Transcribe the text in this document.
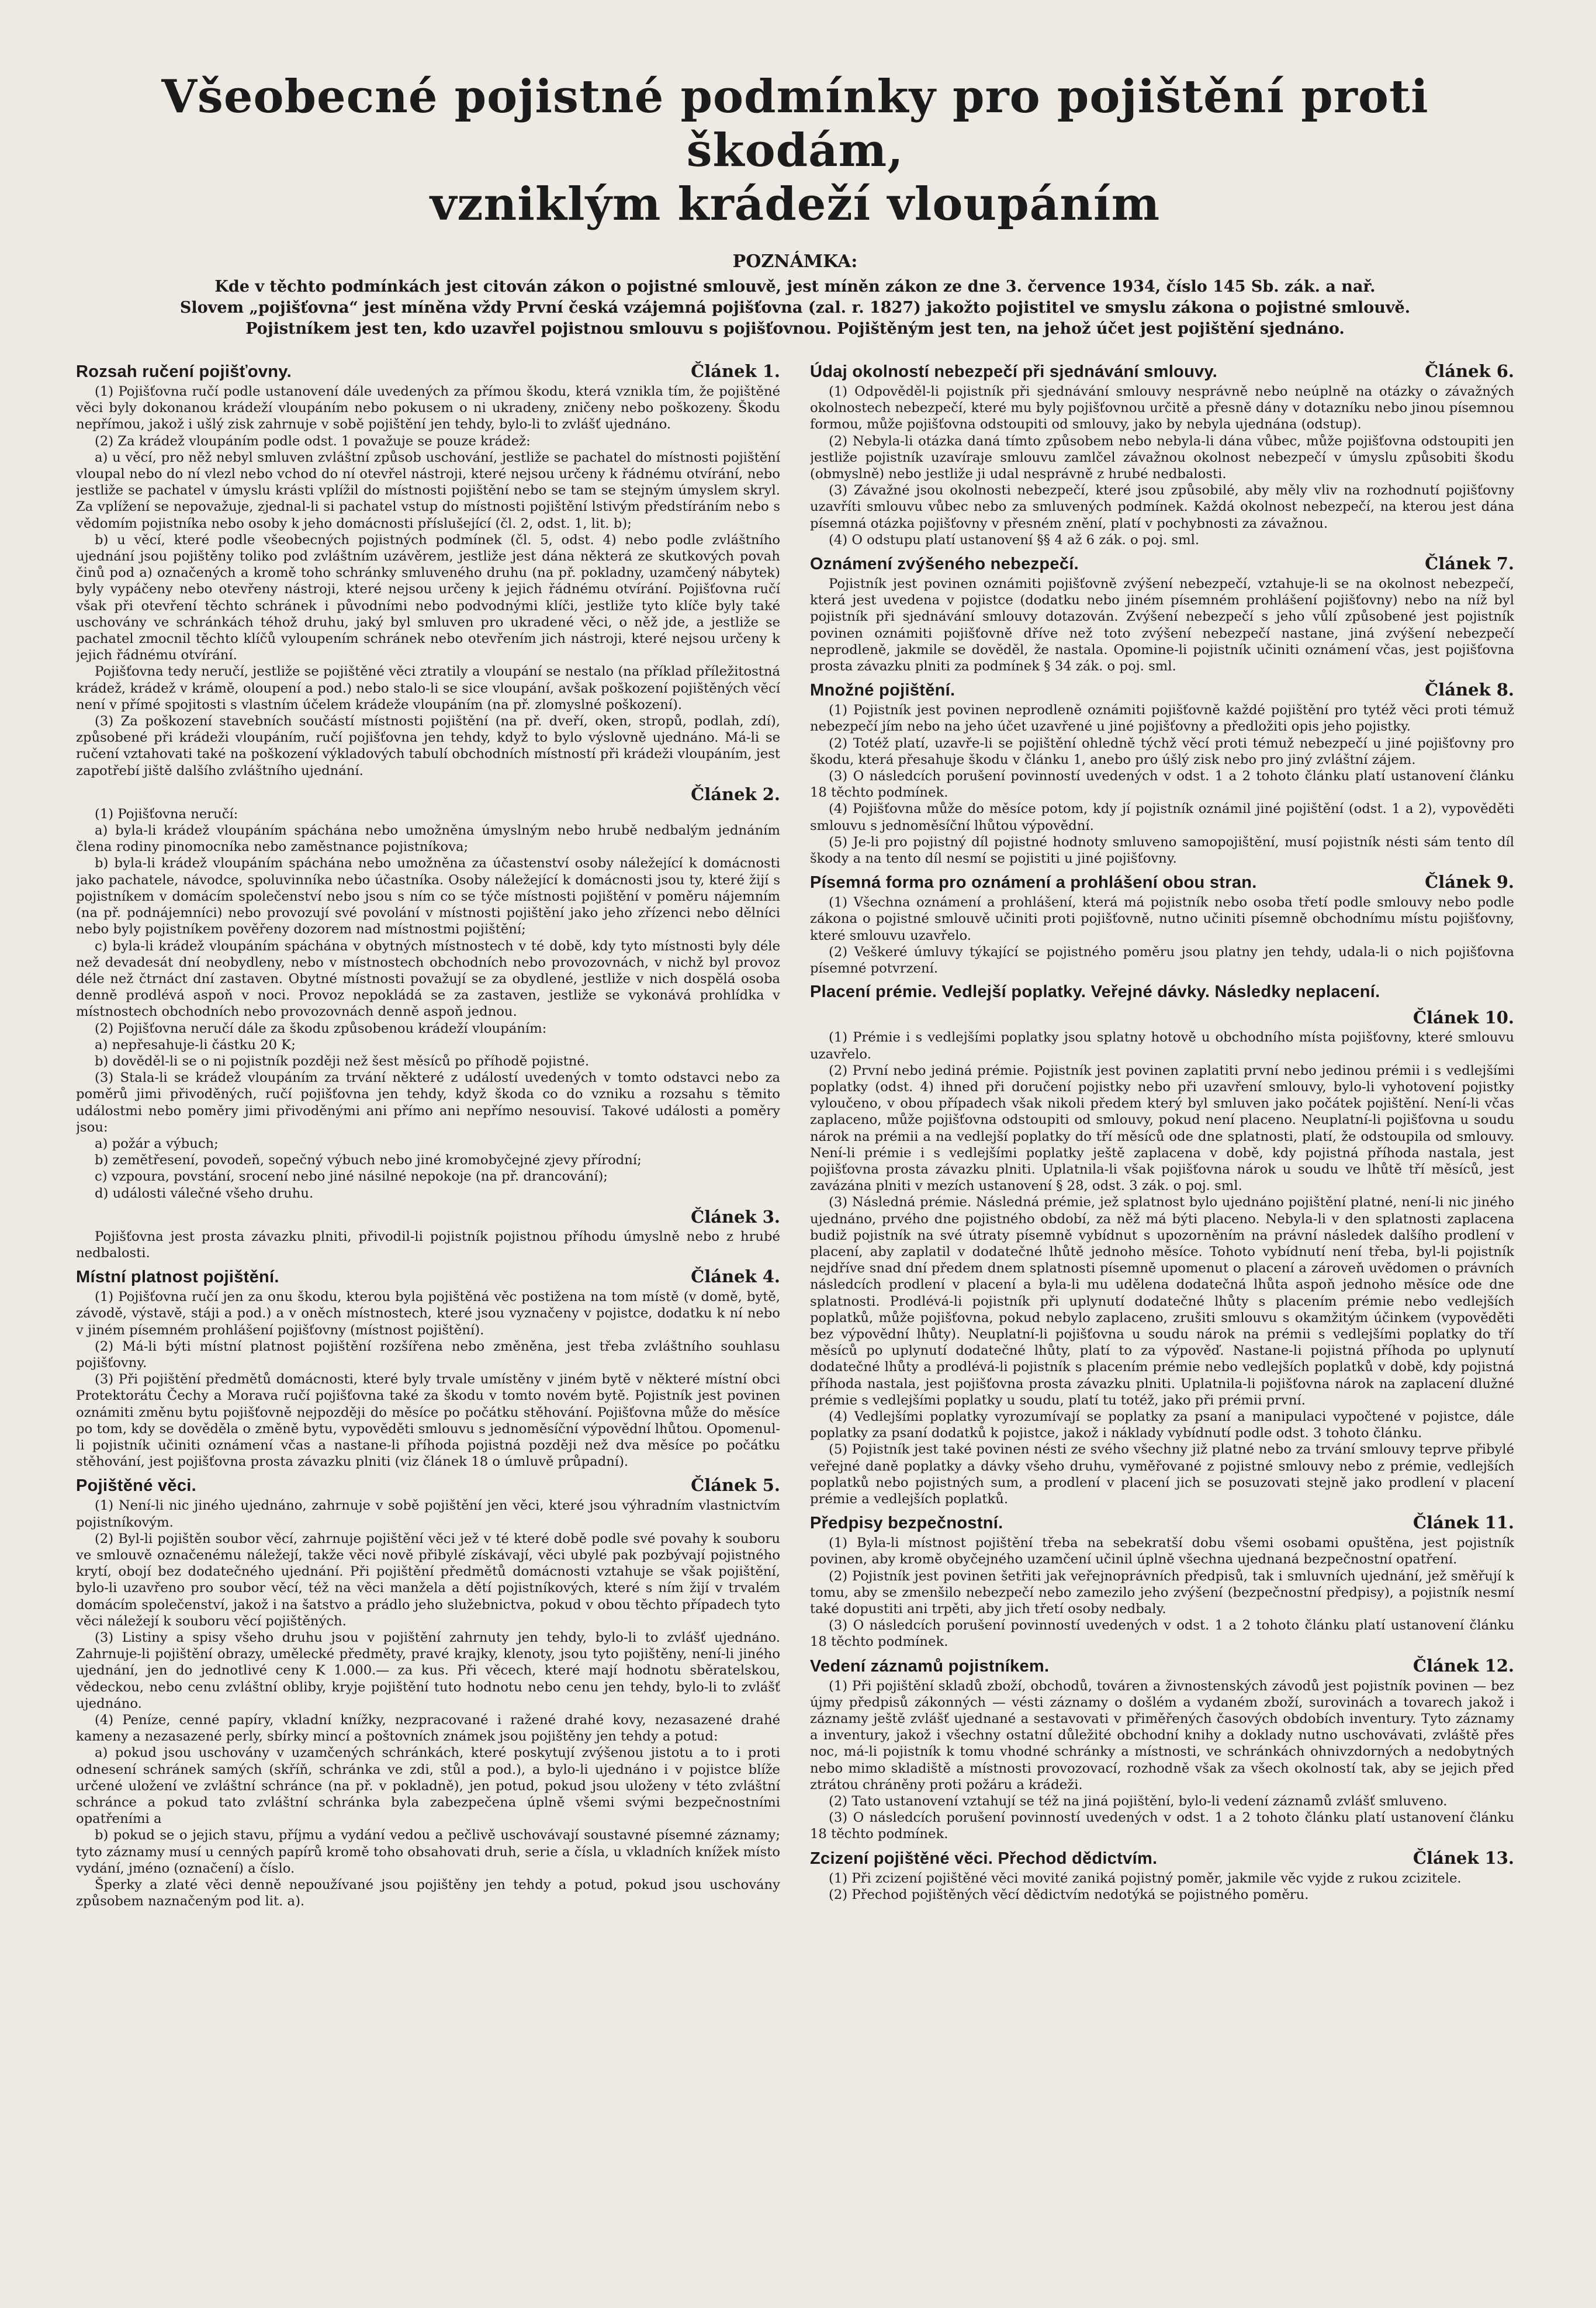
Všeobecné pojistné podmínky pro pojištění proti škodám,
vzniklým krádeží vloupáním
POZNÁMKA:

Kde v těchto podmínkách jest citován zákon o pojistné smlouvě, jest míněn zákon ze dne 3. července 1934, číslo 145 Sb. zák. a nař.

Slovem „pojišťovna“ jest míněna vždy První česká vzájemná pojišťovna (zal. r. 1827) jakožto pojistitel ve smyslu zákona o pojistné smlouvě.

Pojistníkem jest ten, kdo uzavřel pojistnou smlouvu s pojišťovnou. Pojištěným jest ten, na jehož účet jest pojištění sjednáno.

Rozsah ručení pojišťovny.	Článek 1.

(1) Pojišťovna ručí podle ustanovení dále uvedených za přímou škodu, která vznikla tím, že pojištěné věci byly dokonanou krádeží vloupáním nebo pokusem o ni ukradeny, zničeny nebo poškozeny. Škodu nepřímou, jakož i ušlý zisk zahrnuje v sobě pojištění jen tehdy, bylo-li to zvlášť ujednáno.

(2) Za krádež vloupáním podle odst. 1 považuje se pouze krádež:

a) u věcí, pro něž nebyl smluven zvláštní způsob uschování, jestliže se pachatel do místnosti pojištění vloupal nebo do ní vlezl nebo vchod do ní otevřel nástroji, které nejsou určeny k řádnému otvírání, nebo jestliže se pachatel v úmyslu krásti vplížil do místnosti pojištění nebo se tam se stejným úmyslem skryl. Za vplížení se nepovažuje, zjednal-li si pachatel vstup do místnosti pojištění lstivým předstíráním nebo s vědomím pojistníka nebo osoby k jeho domácnosti příslušející (čl. 2, odst. 1, lit. b);

b) u věcí, které podle všeobecných pojistných podmínek (čl. 5, odst. 4) nebo podle zvláštního ujednání jsou pojištěny toliko pod zvláštním uzávěrem, jestliže jest dána některá ze skutkových povah činů pod a) označených a kromě toho schránky smluveného druhu (na př. pokladny, uzamčený nábytek) byly vypáčeny nebo otevřeny nástroji, které nejsou určeny k jejich řádnému otvírání. Pojišťovna ručí však při otevření těchto schránek i původními nebo podvodnými klíči, jestliže tyto klíče byly také uschovány ve schránkách téhož druhu, jaký byl smluven pro ukradené věci, o něž jde, a jestliže se pachatel zmocnil těchto klíčů vyloupením schránek nebo otevřením jich nástroji, které nejsou určeny k jejich řádnému otvírání.

Pojišťovna tedy neručí, jestliže se pojištěné věci ztratily a vloupání se nestalo (na příklad příležitostná krádež, krádež v krámě, oloupení a pod.) nebo stalo-li se sice vloupání, avšak poškození pojištěných věcí není v přímé spojitosti s vlastním účelem krádeže vloupáním (na př. zlomyslné poškození).

(3) Za poškození stavebních součástí místnosti pojištění (na př. dveří, oken, stropů, podlah, zdí), způsobené při krádeži vloupáním, ručí pojišťovna jen tehdy, když to bylo výslovně ujednáno. Má-li se ručení vztahovati také na poškození výkladových tabulí obchodních místností při krádeži vloupáním, jest zapotřebí jiště dalšího zvláštního ujednání.

Článek 2.

(1) Pojišťovna neručí:

a) byla-li krádež vloupáním spáchána nebo umožněna úmyslným nebo hrubě nedbalým jednáním člena rodiny pinomocníka nebo zaměstnance pojistníkova;

b) byla-li krádež vloupáním spáchána nebo umožněna za účastenství osoby náležející k domácnosti jako pachatele, návodce, spoluvinníka nebo účastníka. Osoby náležející k domácnosti jsou ty, které žijí s pojistníkem v domácím společenství nebo jsou s ním co se týče místnosti pojištění v poměru nájemním (na př. podnájemníci) nebo provozují své povolání v místnosti pojištění jako jeho zřízenci nebo dělníci nebo byly pojistníkem pověřeny dozorem nad místnostmi pojištění;

c) byla-li krádež vloupáním spáchána v obytných místnostech v té době, kdy tyto místnosti byly déle než devadesát dní neobydleny, nebo v místnostech obchodních nebo provozovnách, v nichž byl provoz déle než čtrnáct dní zastaven. Obytné místnosti považují se za obydlené, jestliže v nich dospělá osoba denně prodlévá aspoň v noci. Provoz nepokládá se za zastaven, jestliže se vykonává prohlídka v místnostech obchodních nebo provozovnách denně aspoň jednou.

(2) Pojišťovna neručí dále za škodu způsobenou krádeží vloupáním:

a) nepřesahuje-li částku 20 K;

b) dověděl-li se o ni pojistník později než šest měsíců po příhodě pojistné.

(3) Stala-li se krádež vloupáním za trvání některé z událostí uvedených v tomto odstavci nebo za poměrů jimi přivoděných, ručí pojišťovna jen tehdy, když škoda co do vzniku a rozsahu s těmito událostmi nebo poměry jimi přivoděnými ani přímo ani nepřímo nesouvisí. Takové události a poměry jsou:

a) požár a výbuch;

b) zemětřesení, povodeň, sopečný výbuch nebo jiné kromobyčejné zjevy přírodní;

c) vzpoura, povstání, srocení nebo jiné násilné nepokoje (na př. drancování);

d) události válečné všeho druhu.

Článek 3.

Pojišťovna jest prosta závazku plniti, přivodil-li pojistník pojistnou příhodu úmyslně nebo z hrubé nedbalosti.

Místní platnost pojištění.	Článek 4.

(1) Pojišťovna ručí jen za onu škodu, kterou byla pojištěná věc postižena na tom místě (v domě, bytě, závodě, výstavě, stáji a pod.) a v oněch místnostech, které jsou vyznačeny v pojistce, dodatku k ní nebo v jiném písemném prohlášení pojišťovny (místnost pojištění).

(2) Má-li býti místní platnost pojištění rozšířena nebo změněna, jest třeba zvláštního souhlasu pojišťovny.

(3) Při pojištění předmětů domácnosti, které byly trvale umístěny v jiném bytě v některé místní obci Protektorátu Čechy a Morava ručí pojišťovna také za škodu v tomto novém bytě. Pojistník jest povinen oznámiti změnu bytu pojišťovně nejpozději do měsíce po počátku stěhování. Pojišťovna může do měsíce po tom, kdy se dověděla o změně bytu, vypověděti smlouvu s jednoměsíční výpovědní lhůtou. Opomenul-li pojistník učiniti oznámení včas a nastane-li příhoda pojistná později než dva měsíce po počátku stěhování, jest pojišťovna prosta závazku plniti (viz článek 18 o úmluvě průpadní).

Pojištěné věci.	Článek 5.

(1) Není-li nic jiného ujednáno, zahrnuje v sobě pojištění jen věci, které jsou výhradním vlastnictvím pojistníkovým.

(2) Byl-li pojištěn soubor věcí, zahrnuje pojištění věci jež v té které době podle své povahy k souboru ve smlouvě označenému náležejí, takže věci nově přibylé získávají, věci ubylé pak pozbývají pojistného krytí, obojí bez dodatečného ujednání. Při pojištění předmětů domácnosti vztahuje se však pojištění, bylo-li uzavřeno pro soubor věcí, též na věci manžela a dětí pojistníkových, které s ním žijí v trvalém domácím společenství, jakož i na šatstvo a prádlo jeho služebnictva, pokud v obou těchto případech tyto věci náležejí k souboru věcí pojištěných.

(3) Listiny a spisy všeho druhu jsou v pojištění zahrnuty jen tehdy, bylo-li to zvlášť ujednáno. Zahrnuje-li pojištění obrazy, umělecké předměty, pravé krajky, klenoty, jsou tyto pojištěny, není-li jiného ujednání, jen do jednotlivé ceny K 1.000.— za kus. Při věcech, které mají hodnotu sběratelskou, vědeckou, nebo cenu zvláštní obliby, kryje pojištění tuto hodnotu nebo cenu jen tehdy, bylo-li to zvlášť ujednáno.

(4) Peníze, cenné papíry, vkladní knížky, nezpracované i ražené drahé kovy, nezasazené drahé kameny a nezasazené perly, sbírky mincí a poštovních známek jsou pojištěny jen tehdy a potud:

a) pokud jsou uschovány v uzamčených schránkách, které poskytují zvýšenou jistotu a to i proti odnesení schránek samých (skříň, schránka ve zdi, stůl a pod.), a bylo-li ujednáno i v pojistce blíže určené uložení ve zvláštní schránce (na př. v pokladně), jen potud, pokud jsou uloženy v této zvláštní schránce a pokud tato zvláštní schránka byla zabezpečena úplně všemi svými bezpečnostními opatřeními a

b) pokud se o jejich stavu, příjmu a vydání vedou a pečlivě uschovávají soustavné písemné záznamy; tyto záznamy musí u cenných papírů kromě toho obsahovati druh, serie a čísla, u vkladních knížek místo vydání, jméno (označení) a číslo.

Šperky a zlaté věci denně nepoužívané jsou pojištěny jen tehdy a potud, pokud jsou uschovány způsobem naznačeným pod lit. a).

Údaj okolností nebezpečí při sjednávání smlouvy.	Článek 6.

(1) Odpověděl-li pojistník při sjednávání smlouvy nesprávně nebo neúplně na otázky o závažných okolnostech nebezpečí, které mu byly pojišťovnou určitě a přesně dány v dotazníku nebo jinou písemnou formou, může pojišťovna odstoupiti od smlouvy, jako by nebyla ujednána (odstup).

(2) Nebyla-li otázka daná tímto způsobem nebo nebyla-li dána vůbec, může pojišťovna odstoupiti jen jestliže pojistník uzavíraje smlouvu zamlčel závažnou okolnost nebezpečí v úmyslu způsobiti škodu (obmyslně) nebo jestliže ji udal nesprávně z hrubé nedbalosti.

(3) Závažné jsou okolnosti nebezpečí, které jsou způsobilé, aby měly vliv na rozhodnutí pojišťovny uzavříti smlouvu vůbec nebo za smluvených podmínek. Každá okolnost nebezpečí, na kterou jest dána písemná otázka pojišťovny v přesném znění, platí v pochybnosti za závažnou.

(4) O odstupu platí ustanovení §§ 4 až 6 zák. o poj. sml.

Oznámení zvýšeného nebezpečí.	Článek 7.

Pojistník jest povinen oznámiti pojišťovně zvýšení nebezpečí, vztahuje-li se na okolnost nebezpečí, která jest uvedena v pojistce (dodatku nebo jiném písemném prohlášení pojišťovny) nebo na níž byl pojistník při sjednávání smlouvy dotazován. Zvýšení nebezpečí s jeho vůlí způsobené jest pojistník povinen oznámiti pojišťovně dříve než toto zvýšení nebezpečí nastane, jiná zvýšení nebezpečí neprodleně, jakmile se dověděl, že nastala. Opomine-li pojistník učiniti oznámení včas, jest pojišťovna prosta závazku plniti za podmínek § 34 zák. o poj. sml.

Množné pojištění.	Článek 8.

(1) Pojistník jest povinen neprodleně oznámiti pojišťovně každé pojištění pro tytéž věci proti témuž nebezpečí jím nebo na jeho účet uzavřené u jiné pojišťovny a předložiti opis jeho pojistky.

(2) Totéž platí, uzavře-li se pojištění ohledně týchž věcí proti témuž nebezpečí u jiné pojišťovny pro škodu, která přesahuje škodu v článku 1, anebo pro úšlý zisk nebo pro jiný zvláštní zájem.

(3) O následcích porušení povinností uvedených v odst. 1 a 2 tohoto článku platí ustanovení článku 18 těchto podmínek.

(4) Pojišťovna může do měsíce potom, kdy jí pojistník oznámil jiné pojištění (odst. 1 a 2), vypověděti smlouvu s jednoměsíční lhůtou výpovědní.

(5) Je-li pro pojistný díl pojistné hodnoty smluveno samopojištění, musí pojistník nésti sám tento díl škody a na tento díl nesmí se pojistiti u jiné pojišťovny.

Písemná forma pro oznámení a prohlášení obou stran.	Článek 9.

(1) Všechna oznámení a prohlášení, která má pojistník nebo osoba třetí podle smlouvy nebo podle zákona o pojistné smlouvě učiniti proti pojišťovně, nutno učiniti písemně obchodnímu místu pojišťovny, které smlouvu uzavřelo.

(2) Veškeré úmluvy týkající se pojistného poměru jsou platny jen tehdy, udala-li o nich pojišťovna písemné potvrzení.

Placení prémie. Vedlejší poplatky. Veřejné dávky. Následky neplacení.
Článek 10.

(1) Prémie i s vedlejšími poplatky jsou splatny hotově u obchodního místa pojišťovny, které smlouvu uzavřelo.

(2) První nebo jediná prémie. Pojistník jest povinen zaplatiti první nebo jedinou prémii i s vedlejšími poplatky (odst. 4) ihned při doručení pojistky nebo při uzavření smlouvy, bylo-li vyhotovení pojistky vyloučeno, v obou případech však nikoli předem který byl smluven jako počátek pojištění. Není-li včas zaplaceno, může pojišťovna odstoupiti od smlouvy, pokud není placeno. Neuplatní-li pojišťovna u soudu nárok na prémii a na vedlejší poplatky do tří měsíců ode dne splatnosti, platí, že odstoupila od smlouvy. Není-li prémie i s vedlejšími poplatky ještě zaplacena v době, kdy pojistná příhoda nastala, jest pojišťovna prosta závazku plniti. Uplatnila-li však pojišťovna nárok u soudu ve lhůtě tří měsíců, jest zavázána plniti v mezích ustanovení § 28, odst. 3 zák. o poj. sml.

(3) Následná prémie. Následná prémie, jež splatnost bylo ujednáno pojištění platné, není-li nic jiného ujednáno, prvého dne pojistného období, za něž má býti placeno. Nebyla-li v den splatnosti zaplacena budiž pojistník na své útraty písemně vybídnut s upozorněním na právní následek dalšího prodlení v placení, aby zaplatil v dodatečné lhůtě jednoho měsíce. Tohoto vybídnutí není třeba, byl-li pojistník nejdříve snad dní předem dnem splatnosti písemně upomenut o placení a zároveň uvědomen o právních následcích prodlení v placení a byla-li mu udělena dodatečná lhůta aspoň jednoho měsíce ode dne splatnosti. Prodlévá-li pojistník při uplynutí dodatečné lhůty s placením prémie nebo vedlejších poplatků, může pojišťovna, pokud nebylo zaplaceno, zrušiti smlouvu s okamžitým účinkem (vypověděti bez výpovědní lhůty). Neuplatní-li pojišťovna u soudu nárok na prémii s vedlejšími poplatky do tří měsíců po uplynutí dodatečné lhůty, platí to za výpověď. Nastane-li pojistná příhoda po uplynutí dodatečné lhůty a prodlévá-li pojistník s placením prémie nebo vedlejších poplatků v době, kdy pojistná příhoda nastala, jest pojišťovna prosta závazku plniti. Uplatnila-li pojišťovna nárok na zaplacení dlužné prémie s vedlejšími poplatky u soudu, platí tu totéž, jako při prémii první.

(4) Vedlejšími poplatky vyrozumívají se poplatky za psaní a manipulaci vypočtené v pojistce, dále poplatky za psaní dodatků k pojistce, jakož i náklady vybídnutí podle odst. 3 tohoto článku.

(5) Pojistník jest také povinen nésti ze svého všechny již platné nebo za trvání smlouvy teprve přibylé veřejné daně poplatky a dávky všeho druhu, vyměřované z pojistné smlouvy nebo z prémie, vedlejších poplatků nebo pojistných sum, a prodlení v placení jich se posuzovati stejně jako prodlení v placení prémie a vedlejších poplatků.

Předpisy bezpečnostní.	Článek 11.

(1) Byla-li místnost pojištění třeba na sebekratší dobu všemi osobami opuštěna, jest pojistník povinen, aby kromě obyčejného uzamčení učinil úplně všechna ujednaná bezpečnostní opatření.

(2) Pojistník jest povinen šetřiti jak veřejnoprávních předpisů, tak i smluvních ujednání, jež směřují k tomu, aby se zmenšilo nebezpečí nebo zamezilo jeho zvýšení (bezpečnostní předpisy), a pojistník nesmí také dopustiti ani trpěti, aby jich třetí osoby nedbaly.

(3) O následcích porušení povinností uvedených v odst. 1 a 2 tohoto článku platí ustanovení článku 18 těchto podmínek.

Vedení záznamů pojistníkem.	Článek 12.

(1) Při pojištění skladů zboží, obchodů, továren a živnostenských závodů jest pojistník povinen — bez újmy předpisů zákonných — vésti záznamy o došlém a vydaném zboží, surovinách a tovarech jakož i záznamy ještě zvlášť ujednané a sestavovati v přiměřených časových obdobích inventury. Tyto záznamy a inventury, jakož i všechny ostatní důležité obchodní knihy a doklady nutno uschovávati, zvláště přes noc, má-li pojistník k tomu vhodné schránky a místnosti, ve schránkách ohnivzdorných a nedobytných nebo mimo skladiště a místnosti provozovací, rozhodně však za všech okolností tak, aby se jejich před ztrátou chráněny proti požáru a krádeži.

(2) Tato ustanovení vztahují se též na jiná pojištění, bylo-li vedení záznamů zvlášť smluveno.

(3) O následcích porušení povinností uvedených v odst. 1 a 2 tohoto článku platí ustanovení článku 18 těchto podmínek.

Zcizení pojištěné věci. Přechod dědictvím.	Článek 13.

(1) Při zcizení pojištěné věci movité zaniká pojistný poměr, jakmile věc vyjde z rukou zcizitele.

(2) Přechod pojištěných věcí dědictvím nedotýká se pojistného poměru.
